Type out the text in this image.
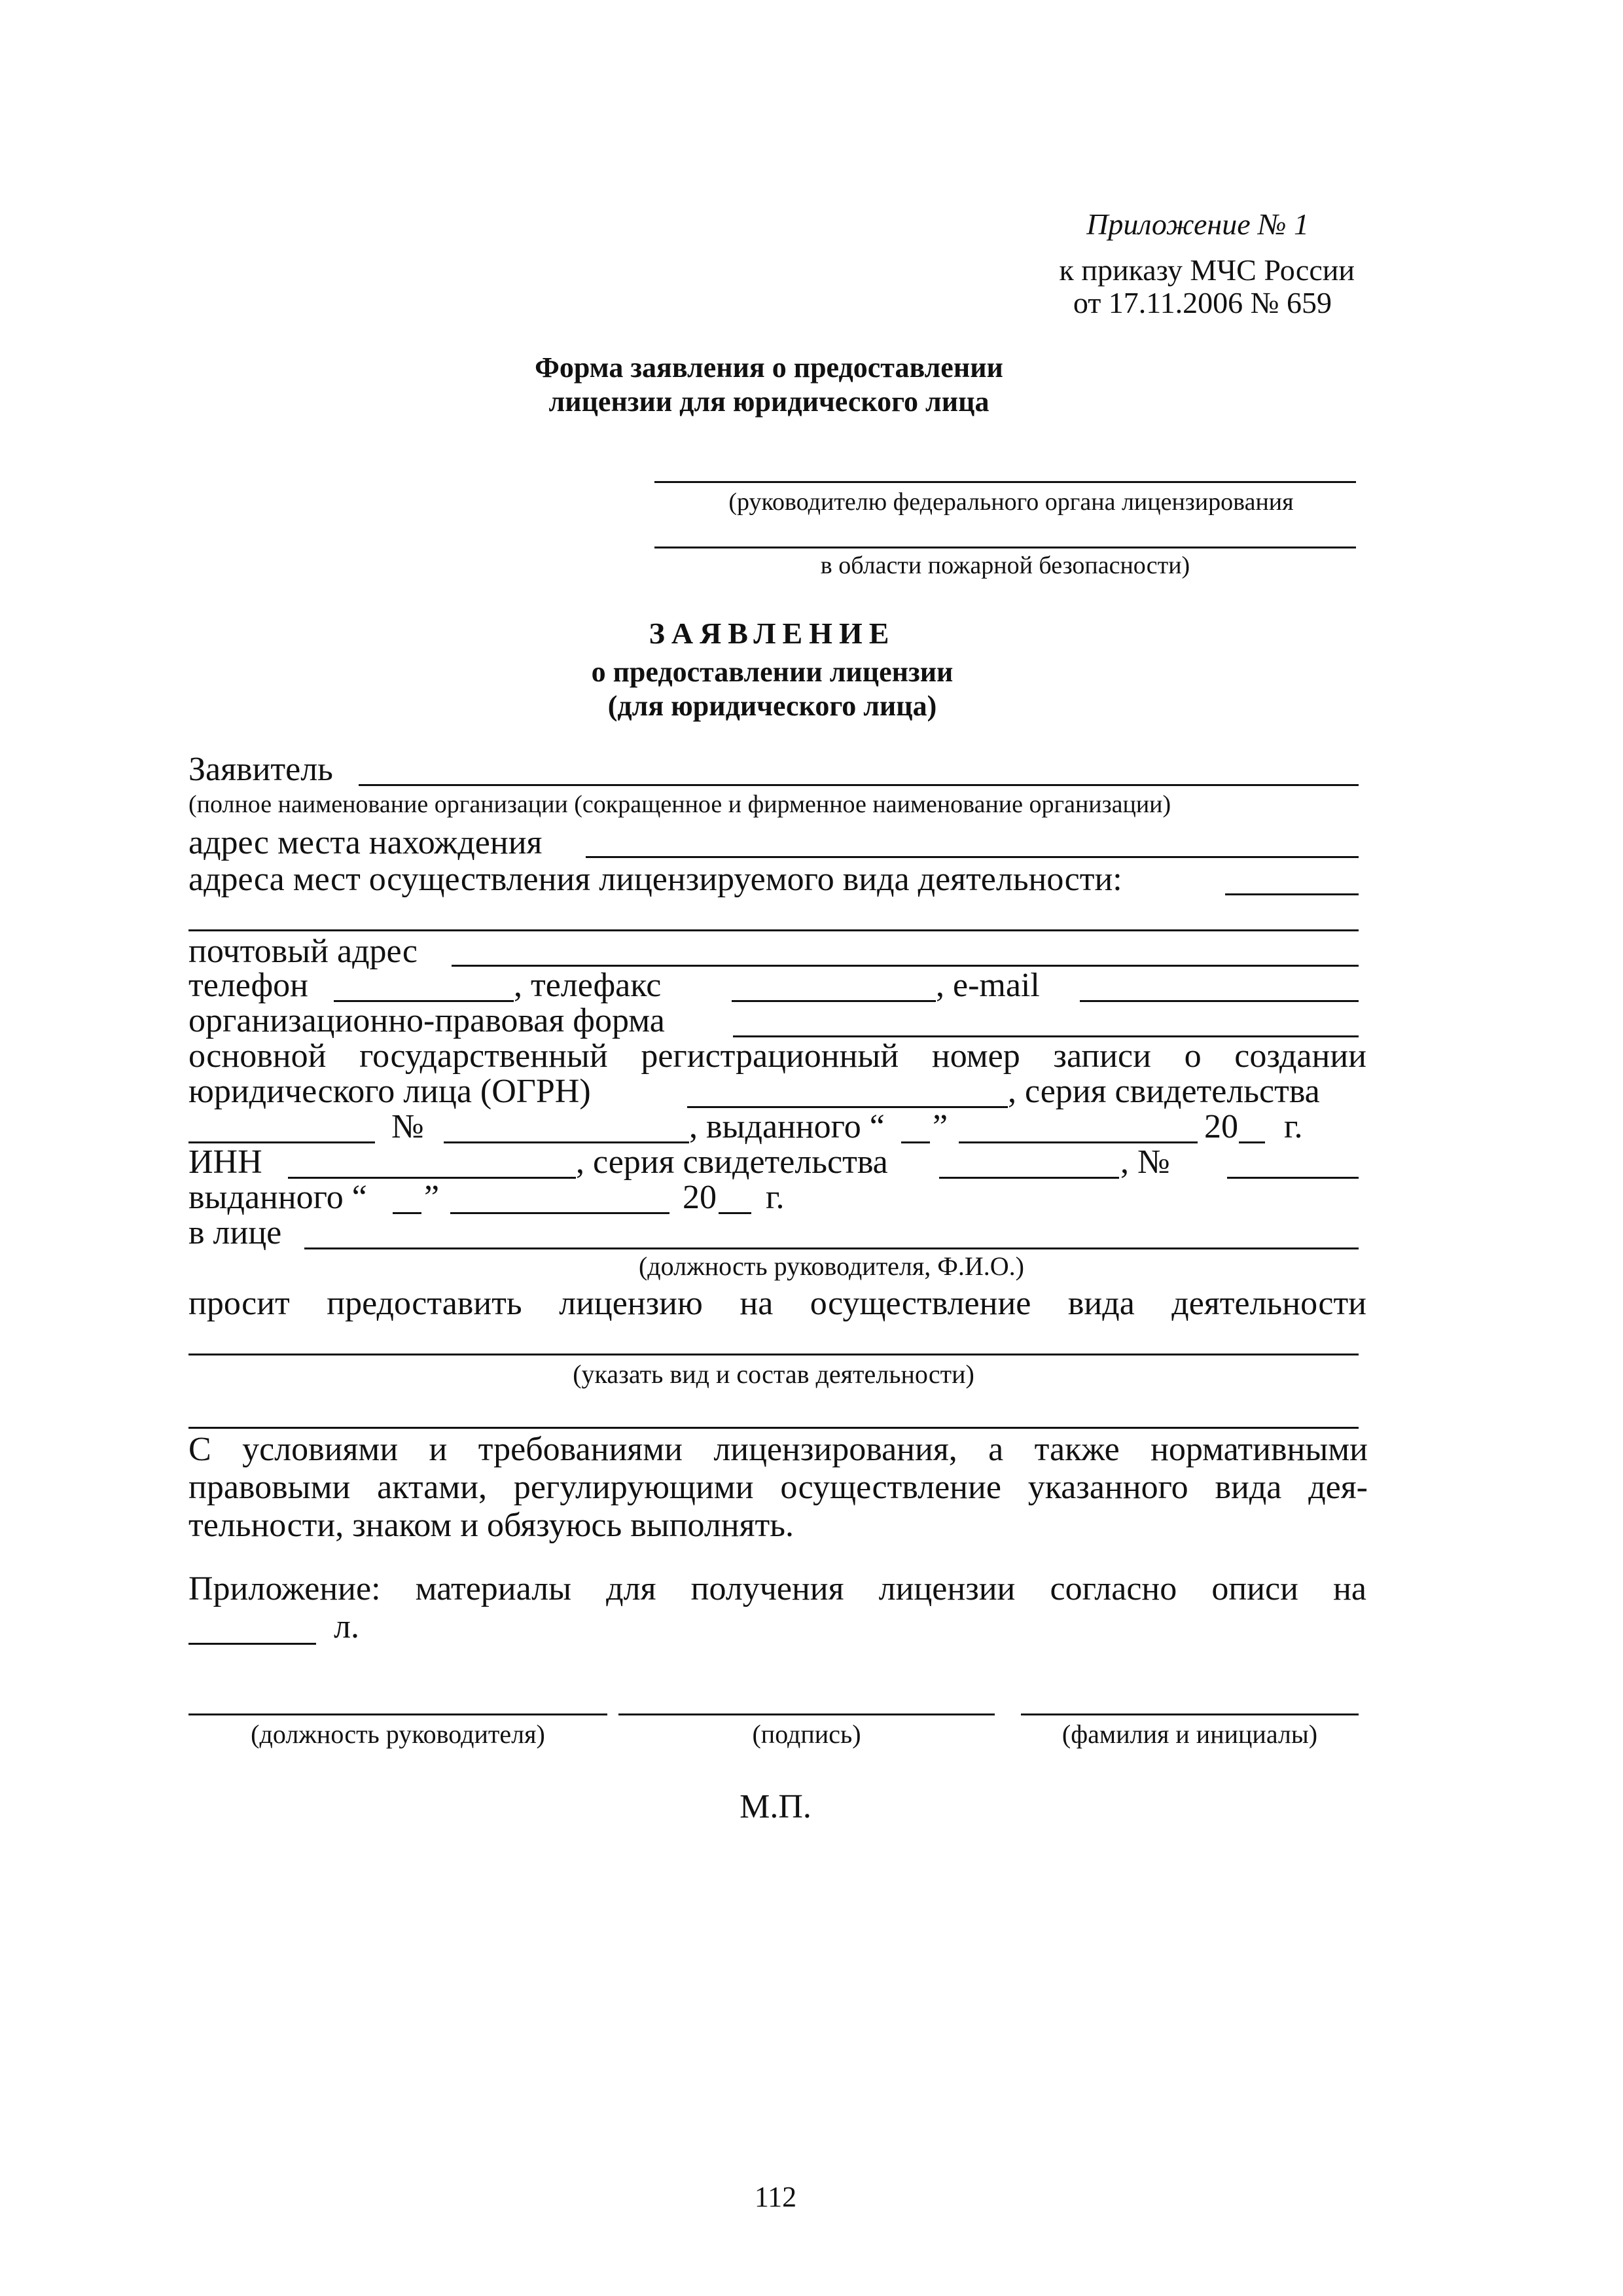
Приложение № 1
к приказу МЧС России
от 17.11.2006 № 659
Форма заявления о предоставлении
лицензии для юридического лица
(руководителю федерального органа лицензирования
в области пожарной безопасности)
ЗАЯВЛЕНИЕ
о предоставлении лицензии
(для юридического лица)
Заявитель
(полное наименование организации (сокращенное и фирменное наименование организации)
адрес места нахождения
адреса мест осуществления лицензируемого вида деятельности:
почтовый адрес
телефон	, телефакс	, e-mail
организационно-правовая форма
основной государственный регистрационный номер записи о создании
юридического лица (ОГРН)	, серия свидетельства
№	, выданного “ ”	20 г.
ИНН	, серия свидетельства	, №
выданного “ ”	20 г.
в лице
(должность руководителя, Ф.И.О.)
просит предоставить лицензию на осуществление вида деятельности
(указать вид и состав деятельности)
С условиями и требованиями лицензирования, а также нормативными
правовыми актами, регулирующими осуществление указанного вида дея-
тельности, знаком и обязуюсь выполнять.
Приложение: материалы для получения лицензии согласно описи на
л.
(должность руководителя)	(подпись)	(фамилия и инициалы)
М.П.
112
